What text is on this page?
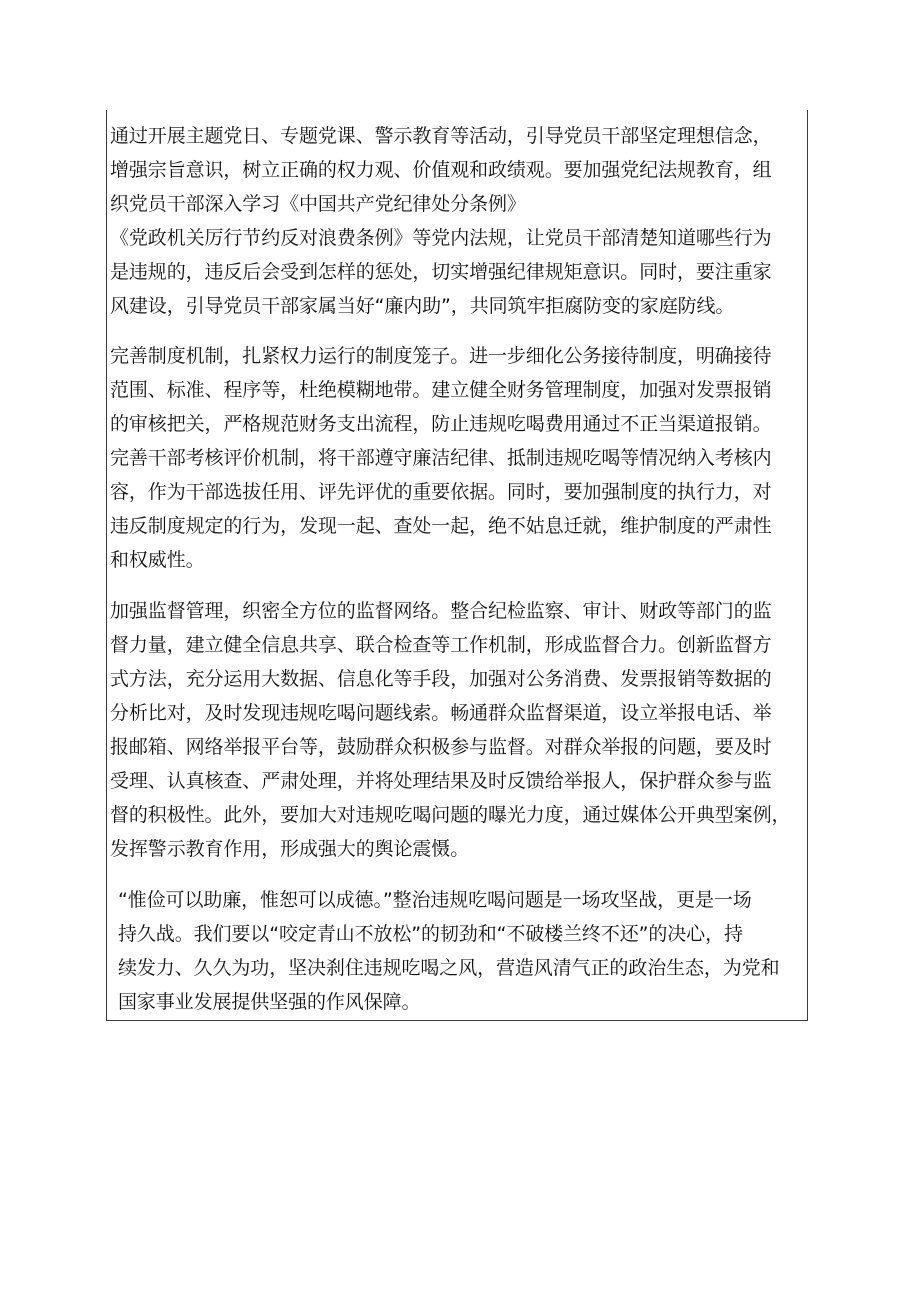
通过开展主题党日、专题党课、警示教育等活动，引导党员干部坚定理想信念，
增强宗旨意识，树立正确的权力观、价值观和政绩观。要加强党纪法规教育，组
织党员干部深入学习《中国共产党纪律处分条例》
《党政机关厉行节约反对浪费条例》等党内法规，让党员干部清楚知道哪些行为
是违规的，违反后会受到怎样的惩处，切实增强纪律规矩意识。同时，要注重家
风建设，引导党员干部家属当好“廉内助”，共同筑牢拒腐防变的家庭防线。
完善制度机制，扎紧权力运行的制度笼子。进一步细化公务接待制度，明确接待
范围、标准、程序等，杜绝模糊地带。建立健全财务管理制度，加强对发票报销
的审核把关，严格规范财务支出流程，防止违规吃喝费用通过不正当渠道报销。
完善干部考核评价机制，将干部遵守廉洁纪律、抵制违规吃喝等情况纳入考核内
容，作为干部选拔任用、评先评优的重要依据。同时，要加强制度的执行力，对
违反制度规定的行为，发现一起、查处一起，绝不姑息迁就，维护制度的严肃性
和权威性。
加强监督管理，织密全方位的监督网络。整合纪检监察、审计、财政等部门的监
督力量，建立健全信息共享、联合检查等工作机制，形成监督合力。创新监督方
式方法，充分运用大数据、信息化等手段，加强对公务消费、发票报销等数据的
分析比对，及时发现违规吃喝问题线索。畅通群众监督渠道，设立举报电话、举
报邮箱、网络举报平台等，鼓励群众积极参与监督。对群众举报的问题，要及时
受理、认真核查、严肃处理，并将处理结果及时反馈给举报人，保护群众参与监
督的积极性。此外，要加大对违规吃喝问题的曝光力度，通过媒体公开典型案例，
发挥警示教育作用，形成强大的舆论震慑。
“惟俭可以助廉，惟恕可以成德。”整治违规吃喝问题是一场攻坚战，更是一场
持久战。我们要以“咬定青山不放松”的韧劲和“不破楼兰终不还”的决心，持
续发力、久久为功，坚决刹住违规吃喝之风，营造风清气正的政治生态，为党和
国家事业发展提供坚强的作风保障。
